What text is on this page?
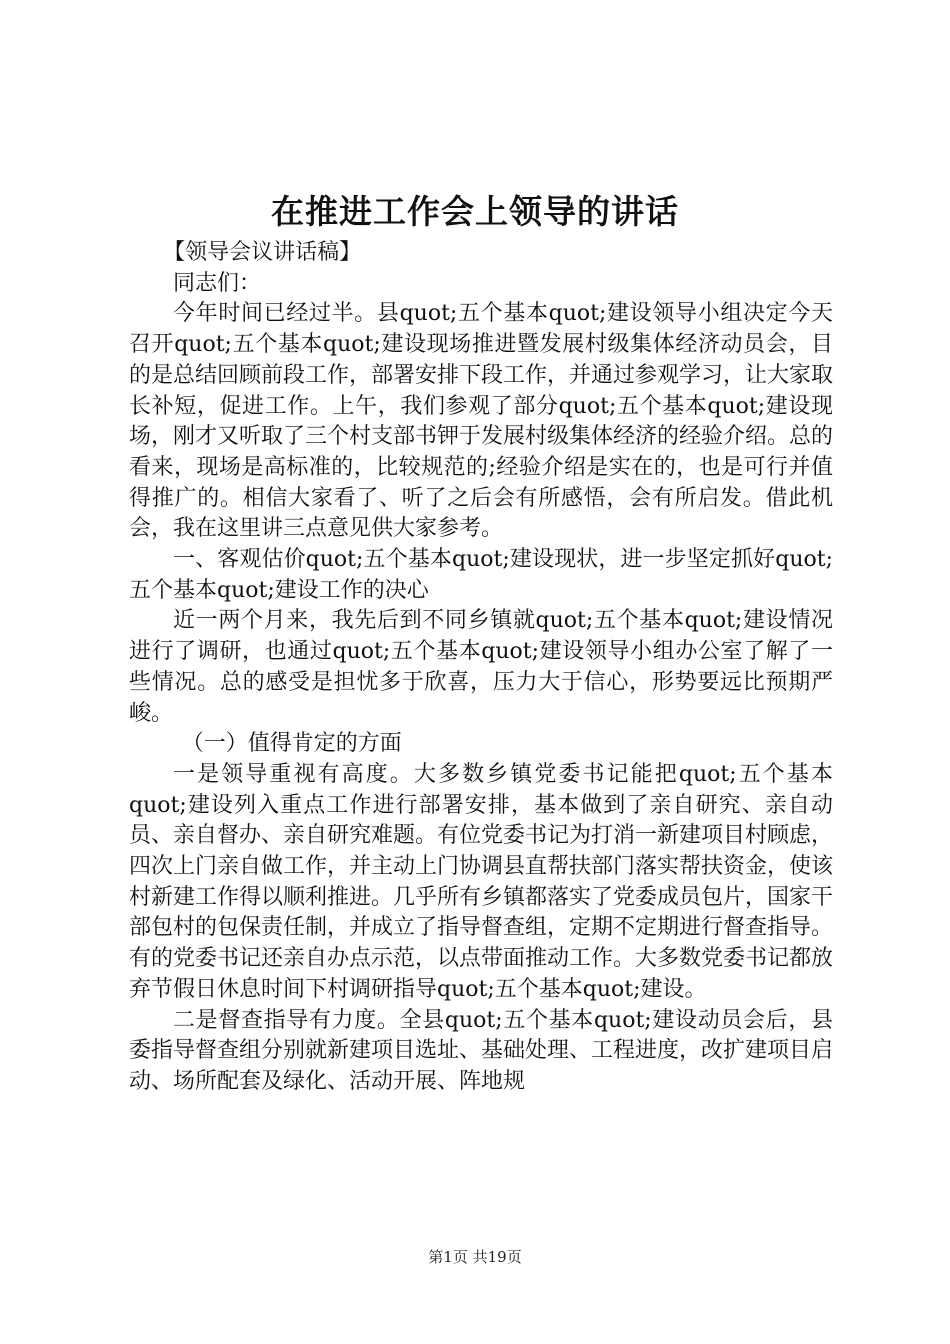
在推进工作会上领导的讲话

【领导会议讲话稿】

同志们：

今年时间已经过半。县quot;五个基本quot;建设领导小组决定今天召开quot;五个基本quot;建设现场推进暨发展村级集体经济动员会，目的是总结回顾前段工作，部署安排下段工作，并通过参观学习，让大家取长补短，促进工作。上午，我们参观了部分quot;五个基本quot;建设现场，刚才又听取了三个村支部书钾于发展村级集体经济的经验介绍。总的看来，现场是高标准的，比较规范的;经验介绍是实在的，也是可行并值得推广的。相信大家看了、听了之后会有所感悟，会有所启发。借此机会，我在这里讲三点意见供大家参考。

一、客观估价quot;五个基本quot;建设现状，进一步坚定抓好quot;五个基本quot;建设工作的决心

近一两个月来，我先后到不同乡镇就quot;五个基本quot;建设情况进行了调研，也通过quot;五个基本quot;建设领导小组办公室了解了一些情况。总的感受是担忧多于欣喜，压力大于信心，形势要远比预期严峻。

（一）值得肯定的方面

一是领导重视有高度。大多数乡镇党委书记能把quot;五个基本quot;建设列入重点工作进行部署安排，基本做到了亲自研究、亲自动员、亲自督办、亲自研究难题。有位党委书记为打消一新建项目村顾虑，四次上门亲自做工作，并主动上门协调县直帮扶部门落实帮扶资金，使该村新建工作得以顺利推进。几乎所有乡镇都落实了党委成员包片，国家干部包村的包保责任制，并成立了指导督查组，定期不定期进行督查指导。有的党委书记还亲自办点示范，以点带面推动工作。大多数党委书记都放弃节假日休息时间下村调研指导quot;五个基本quot;建设。

二是督查指导有力度。全县quot;五个基本quot;建设动员会后，县委指导督查组分别就新建项目选址、基础处理、工程进度，改扩建项目启动、场所配套及绿化、活动开展、阵地规

第1页 共19页
